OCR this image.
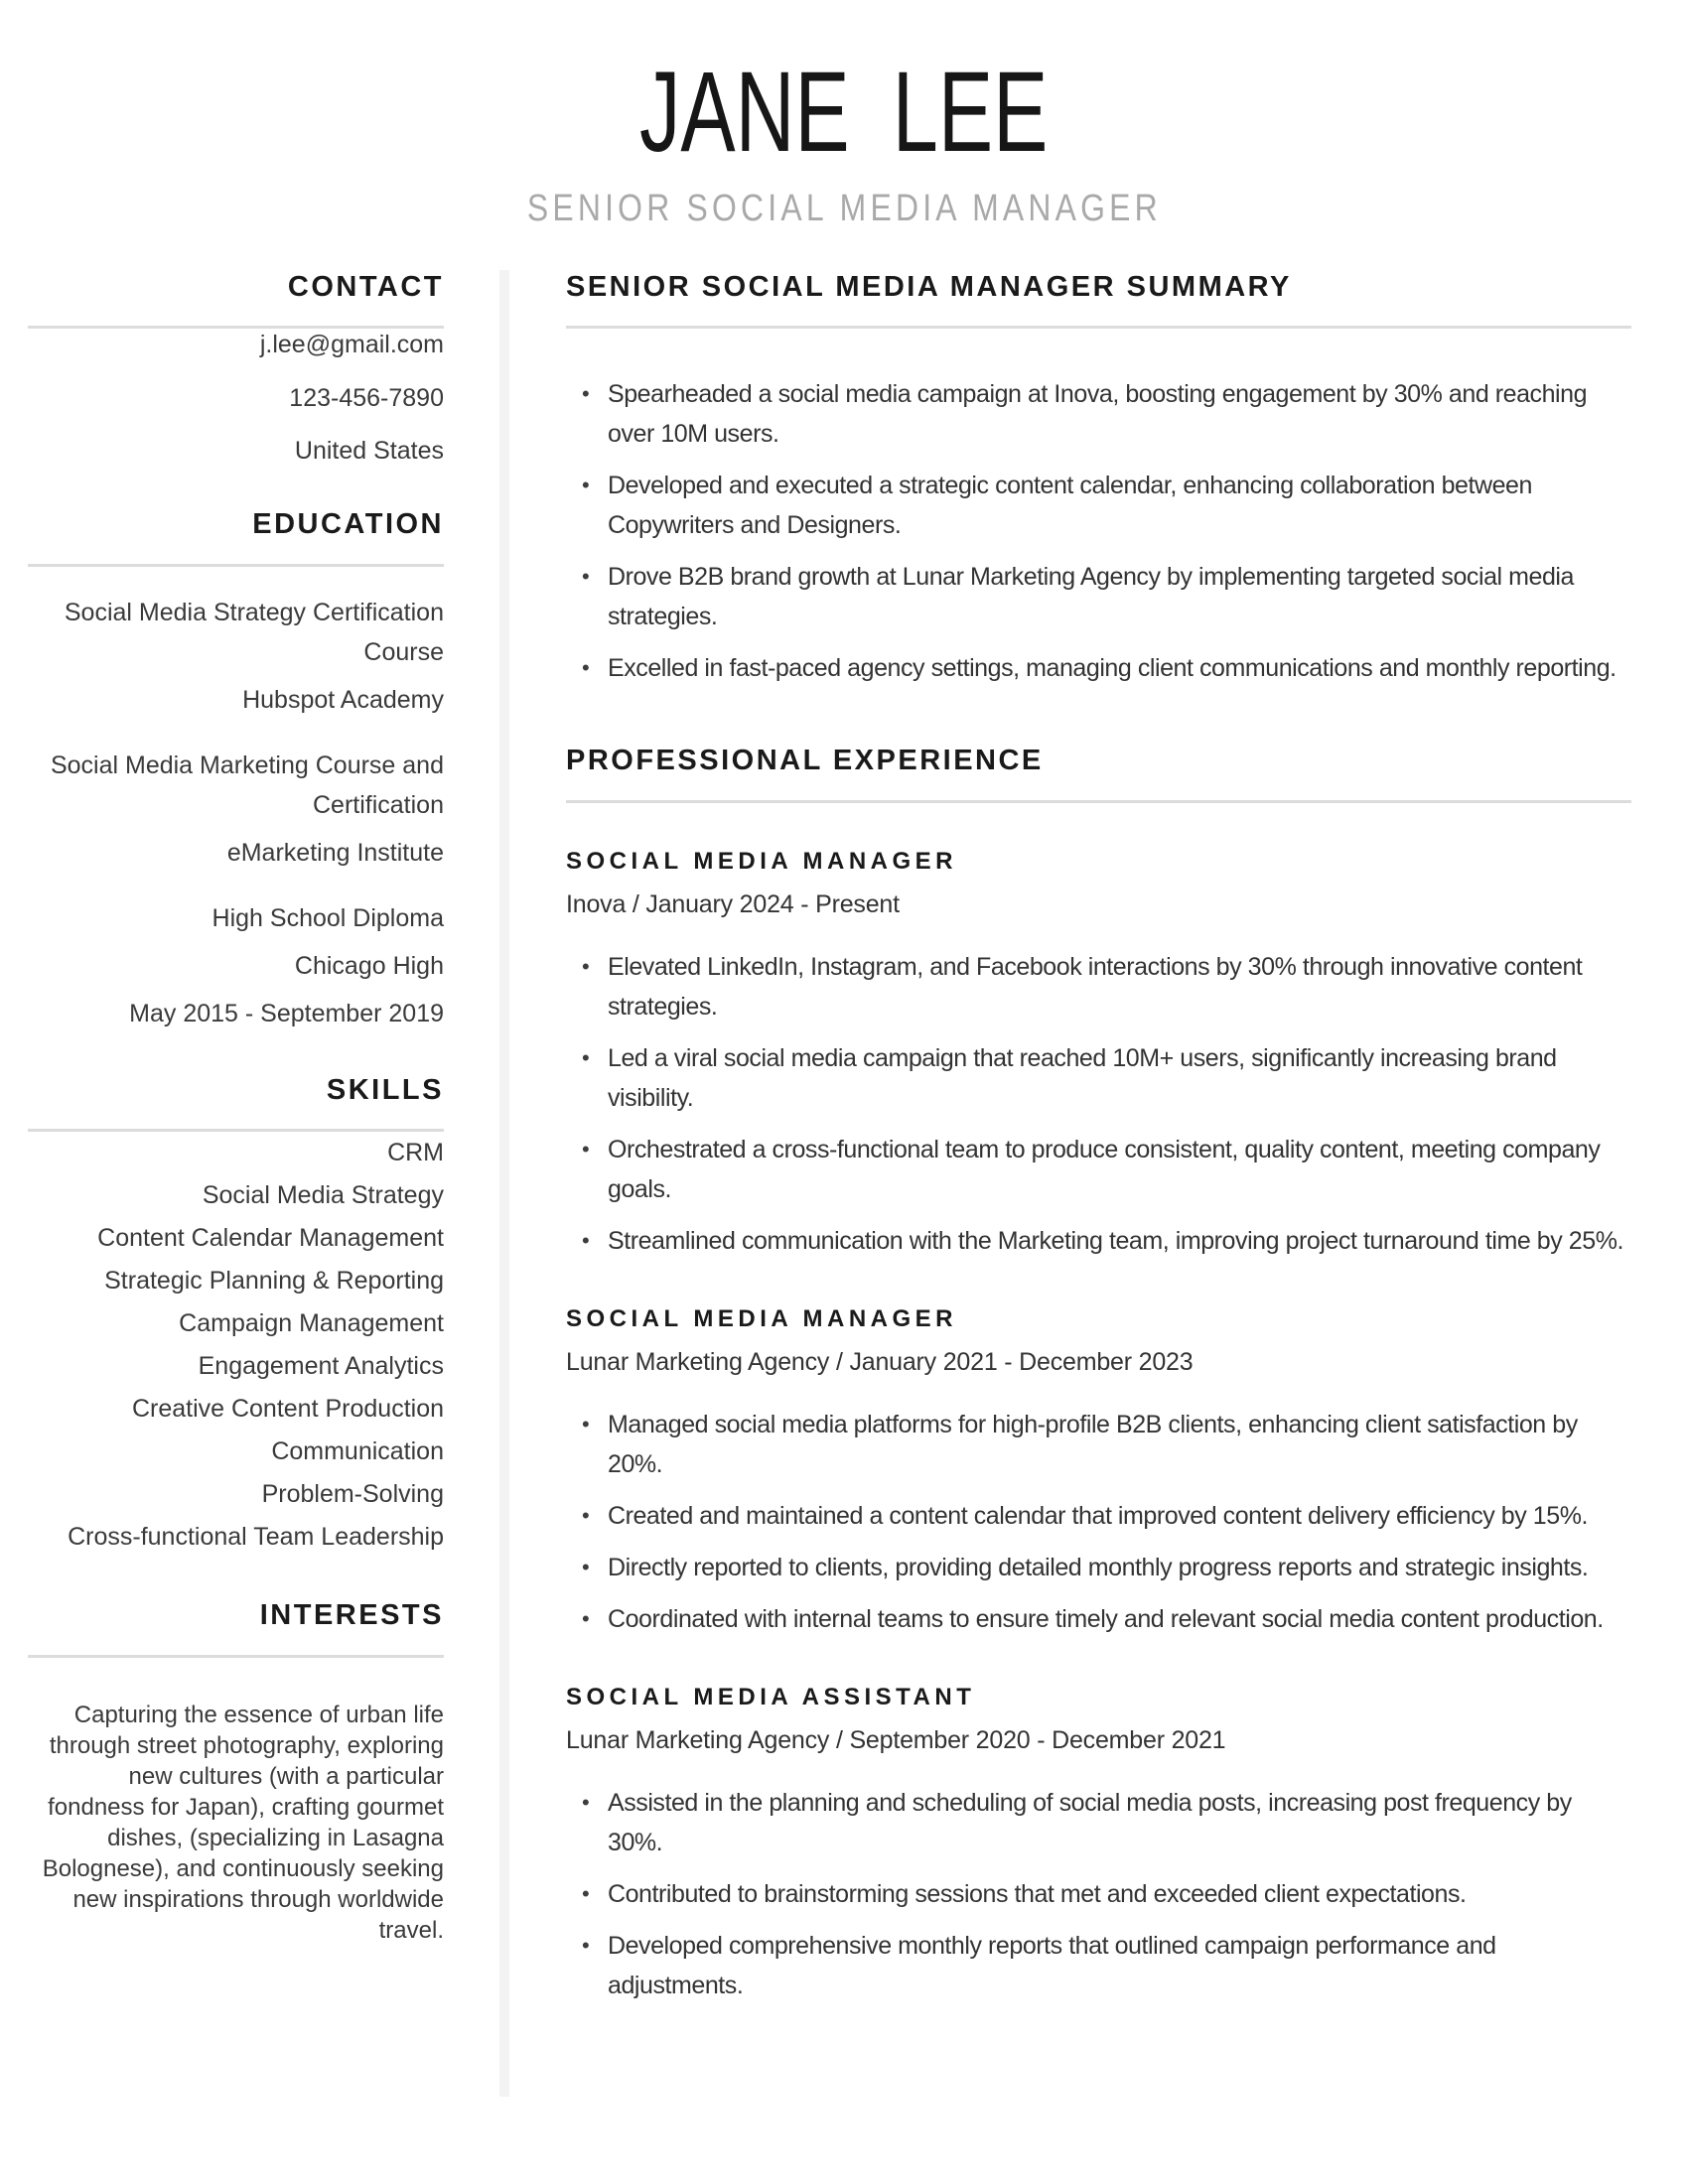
JANE LEE
SENIOR SOCIAL MEDIA MANAGER
CONTACT
j.lee@gmail.com
123-456-7890
United States
EDUCATION
Social Media Strategy Certification Course
Hubspot Academy
Social Media Marketing Course and Certification
eMarketing Institute
High School Diploma
Chicago High
May 2015 - September 2019
SKILLS
CRM
Social Media Strategy
Content Calendar Management
Strategic Planning & Reporting
Campaign Management
Engagement Analytics
Creative Content Production
Communication
Problem-Solving
Cross-functional Team Leadership
INTERESTS

Capturing the essence of urban life through street photography, exploring new cultures (with a particular fondness for Japan), crafting gourmet dishes, (specializing in Lasagna Bolognese), and continuously seeking new inspirations through worldwide travel.

SENIOR SOCIAL MEDIA MANAGER SUMMARY
• Spearheaded a social media campaign at Inova, boosting engagement by 30% and reaching over 10M users.
• Developed and executed a strategic content calendar, enhancing collaboration between Copywriters and Designers.
• Drove B2B brand growth at Lunar Marketing Agency by implementing targeted social media strategies.
• Excelled in fast-paced agency settings, managing client communications and monthly reporting.
PROFESSIONAL EXPERIENCE
SOCIAL MEDIA MANAGER
Inova / January 2024 - Present
• Elevated LinkedIn, Instagram, and Facebook interactions by 30% through innovative content strategies.
• Led a viral social media campaign that reached 10M+ users, significantly increasing brand visibility.
• Orchestrated a cross-functional team to produce consistent, quality content, meeting company goals.
• Streamlined communication with the Marketing team, improving project turnaround time by 25%.
SOCIAL MEDIA MANAGER
Lunar Marketing Agency / January 2021 - December 2023
• Managed social media platforms for high-profile B2B clients, enhancing client satisfaction by 20%.
• Created and maintained a content calendar that improved content delivery efficiency by 15%.
• Directly reported to clients, providing detailed monthly progress reports and strategic insights.
• Coordinated with internal teams to ensure timely and relevant social media content production.
SOCIAL MEDIA ASSISTANT
Lunar Marketing Agency / September 2020 - December 2021
• Assisted in the planning and scheduling of social media posts, increasing post frequency by 30%.
• Contributed to brainstorming sessions that met and exceeded client expectations.
• Developed comprehensive monthly reports that outlined campaign performance and adjustments.
